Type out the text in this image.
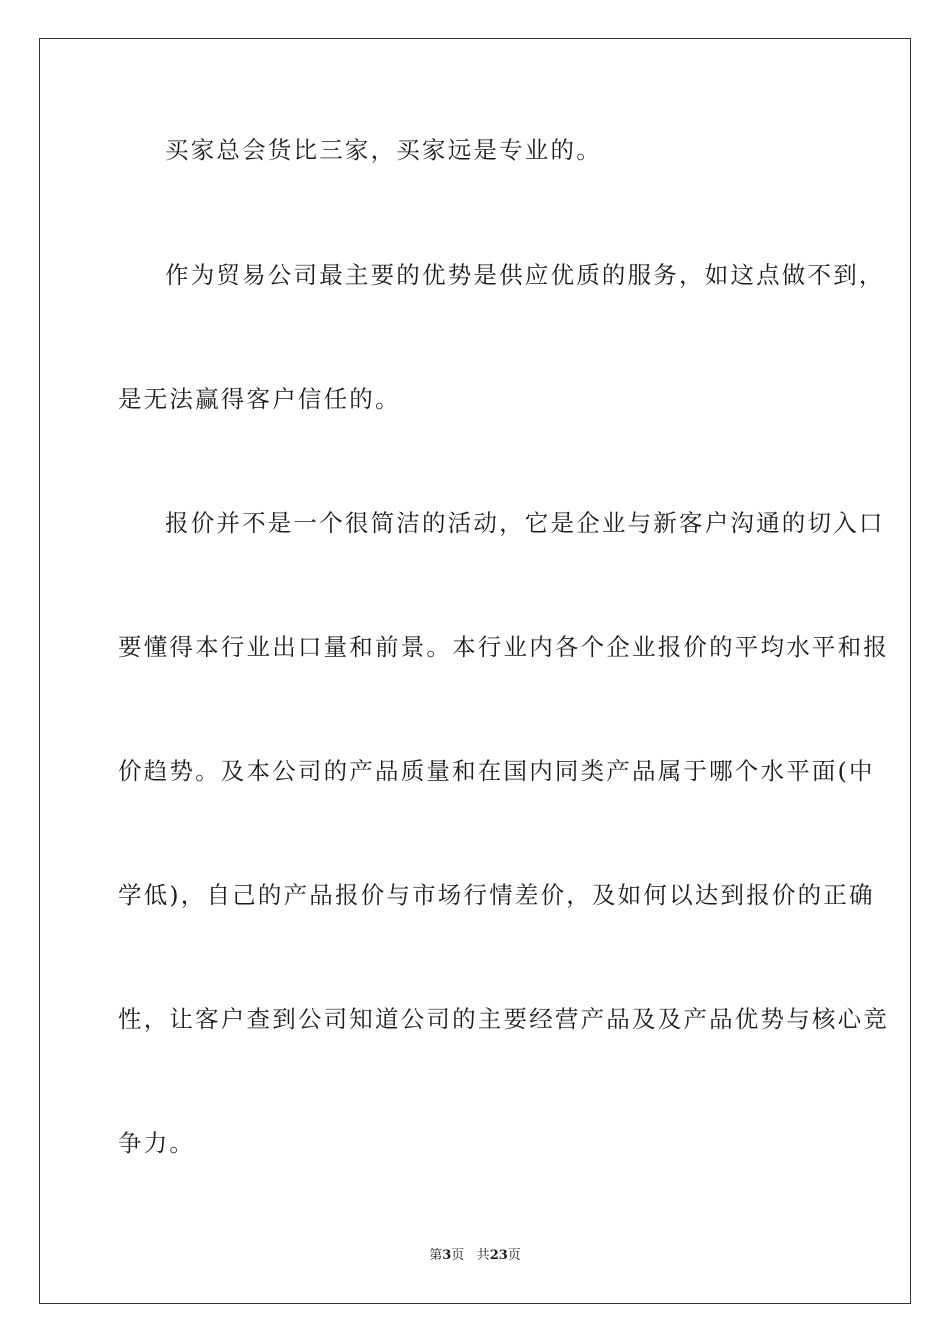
买家总会货比三家，买家远是专业的。
作为贸易公司最主要的优势是供应优质的服务，如这点做不到，
是无法赢得客户信任的。
报价并不是一个很简洁的活动，它是企业与新客户沟通的切入口
要懂得本行业出口量和前景。本行业内各个企业报价的平均水平和报
价趋势。及本公司的产品质量和在国内同类产品属于哪个水平面(中
学低)，自己的产品报价与市场行情差价，及如何以达到报价的正确
性，让客户查到公司知道公司的主要经营产品及及产品优势与核心竞
争力。
第3页 共23页
